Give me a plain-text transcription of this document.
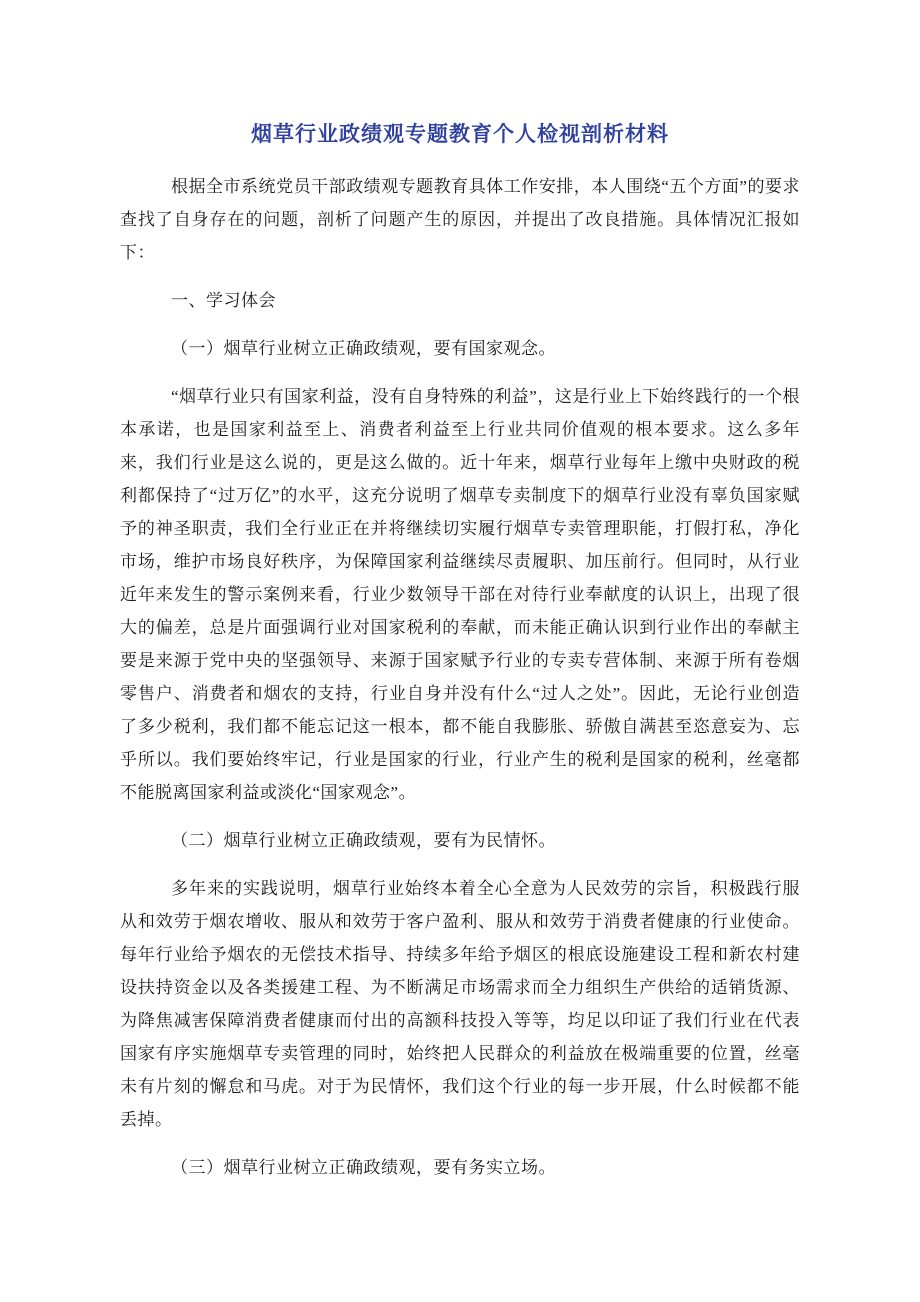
烟草行业政绩观专题教育个人检视剖析材料

根据全市系统党员干部政绩观专题教育具体工作安排，本人围绕“五个方面”的要求查找了自身存在的问题，剖析了问题产生的原因，并提出了改良措施。具体情况汇报如下：

一、学习体会

（一）烟草行业树立正确政绩观，要有国家观念。

“烟草行业只有国家利益，没有自身特殊的利益”，这是行业上下始终践行的一个根本承诺，也是国家利益至上、消费者利益至上行业共同价值观的根本要求。这么多年来，我们行业是这么说的，更是这么做的。近十年来，烟草行业每年上缴中央财政的税利都保持了“过万亿”的水平，这充分说明了烟草专卖制度下的烟草行业没有辜负国家赋予的神圣职责，我们全行业正在并将继续切实履行烟草专卖管理职能，打假打私，净化市场，维护市场良好秩序，为保障国家利益继续尽责履职、加压前行。但同时，从行业近年来发生的警示案例来看，行业少数领导干部在对待行业奉献度的认识上，出现了很大的偏差，总是片面强调行业对国家税利的奉献，而未能正确认识到行业作出的奉献主要是来源于党中央的坚强领导、来源于国家赋予行业的专卖专营体制、来源于所有卷烟零售户、消费者和烟农的支持，行业自身并没有什么“过人之处”。因此，无论行业创造了多少税利，我们都不能忘记这一根本，都不能自我膨胀、骄傲自满甚至恣意妄为、忘乎所以。我们要始终牢记，行业是国家的行业，行业产生的税利是国家的税利，丝毫都不能脱离国家利益或淡化“国家观念”。

（二）烟草行业树立正确政绩观，要有为民情怀。

多年来的实践说明，烟草行业始终本着全心全意为人民效劳的宗旨，积极践行服从和效劳于烟农增收、服从和效劳于客户盈利、服从和效劳于消费者健康的行业使命。每年行业给予烟农的无偿技术指导、持续多年给予烟区的根底设施建设工程和新农村建设扶持资金以及各类援建工程、为不断满足市场需求而全力组织生产供给的适销货源、为降焦减害保障消费者健康而付出的高额科技投入等等，均足以印证了我们行业在代表国家有序实施烟草专卖管理的同时，始终把人民群众的利益放在极端重要的位置，丝毫未有片刻的懈怠和马虎。对于为民情怀，我们这个行业的每一步开展，什么时候都不能丢掉。

（三）烟草行业树立正确政绩观，要有务实立场。
